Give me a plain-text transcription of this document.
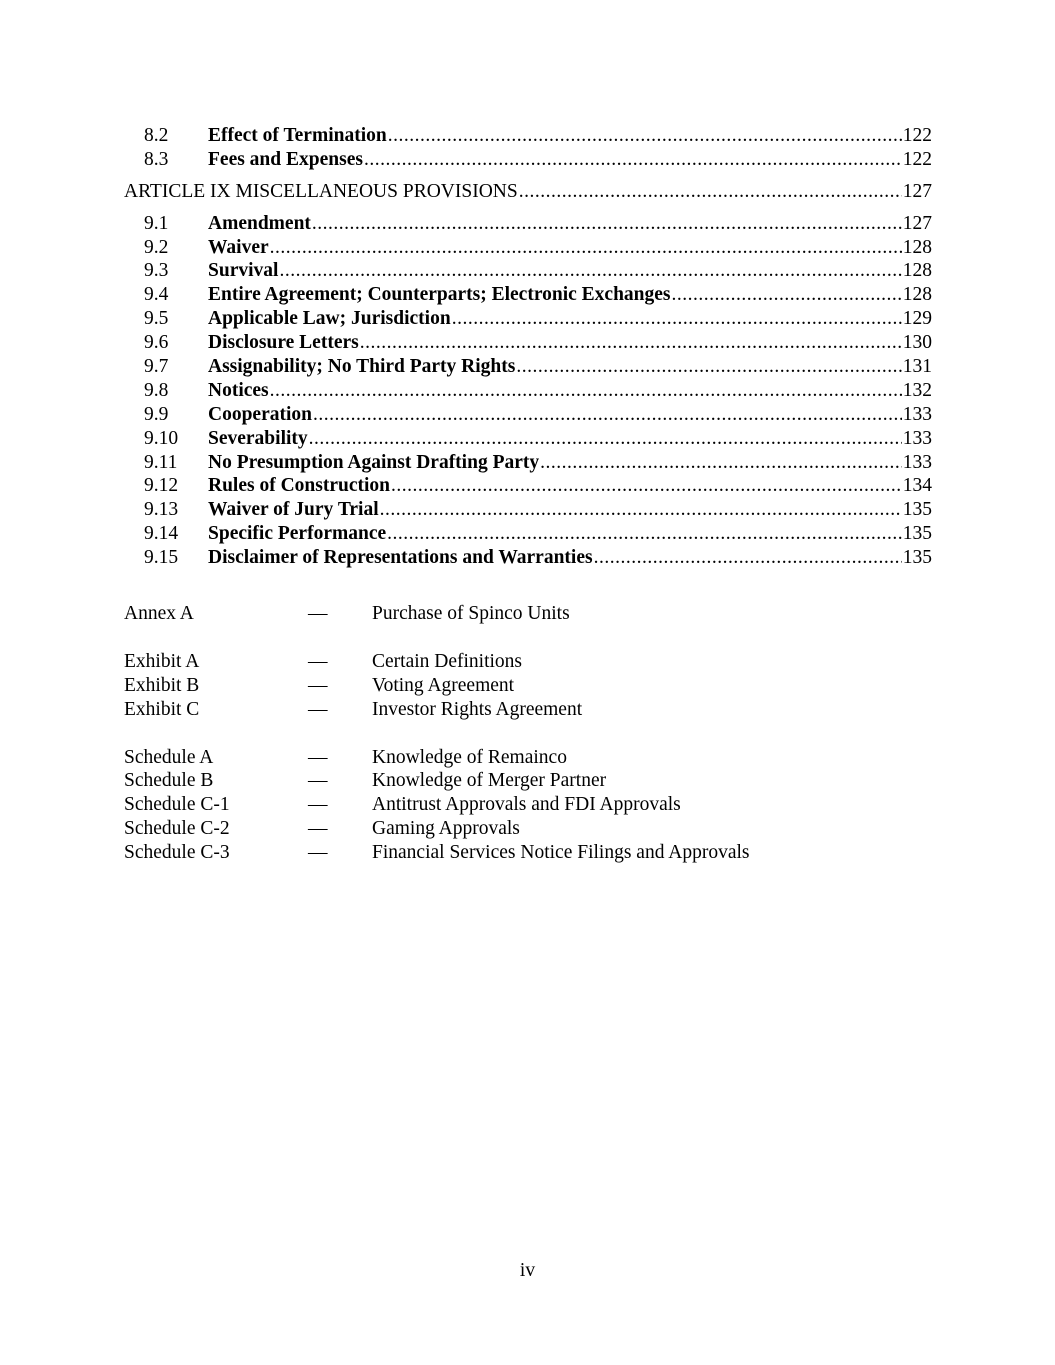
8.2	Effect of Termination .....	122
8.3	Fees and Expenses .....	122
ARTICLE IX MISCELLANEOUS PROVISIONS .....	127
9.1	Amendment .....	127
9.2	Waiver .....	128
9.3	Survival .....	128
9.4	Entire Agreement; Counterparts; Electronic Exchanges .....	128
9.5	Applicable Law; Jurisdiction .....	129
9.6	Disclosure Letters .....	130
9.7	Assignability; No Third Party Rights .....	131
9.8	Notices .....	132
9.9	Cooperation .....	133
9.10	Severability .....	133
9.11	No Presumption Against Drafting Party .....	133
9.12	Rules of Construction .....	134
9.13	Waiver of Jury Trial .....	135
9.14	Specific Performance .....	135
9.15	Disclaimer of Representations and Warranties .....	135
Annex A	—	Purchase of Spinco Units
Exhibit A	—	Certain Definitions
Exhibit B	—	Voting Agreement
Exhibit C	—	Investor Rights Agreement
Schedule A	—	Knowledge of Remainco
Schedule B	—	Knowledge of Merger Partner
Schedule C-1	—	Antitrust Approvals and FDI Approvals
Schedule C-2	—	Gaming Approvals
Schedule C-3	—	Financial Services Notice Filings and Approvals
iv
